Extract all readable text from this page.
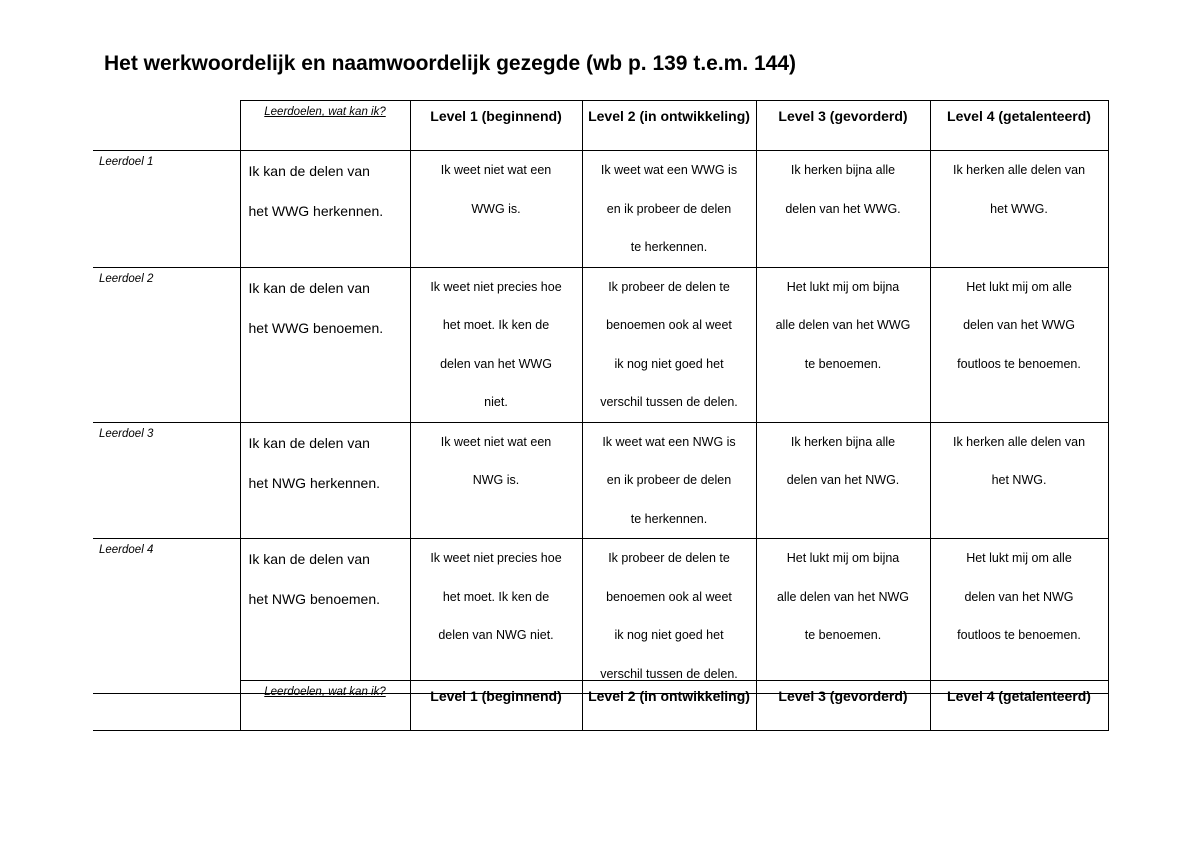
Het werkwoordelijk en naamwoordelijk gezegde (wb p. 139 t.e.m. 144)
	Leerdoelen, wat kan ik?	Level 1 (beginnend)	Level 2 (in ontwikkeling)	Level 3 (gevorderd)	Level 4 (getalenteerd)
Leerdoel 1	Ik kan de delen van
het WWG herkennen.	Ik weet niet wat een
WWG is.	Ik weet wat een WWG is
en ik probeer de delen
te herkennen.	Ik herken bijna alle
delen van het WWG.	Ik herken alle delen van
het WWG.

Leerdoel 2	Ik kan de delen van
het WWG benoemen.	Ik weet niet precies hoe
het moet. Ik ken de
delen van het WWG
niet.	Ik probeer de delen te
benoemen ook al weet
ik nog niet goed het
verschil tussen de delen.	Het lukt mij om bijna
alle delen van het WWG
te benoemen.	Het lukt mij om alle
delen van het WWG
foutloos te benoemen.

Leerdoel 3	Ik kan de delen van
het NWG herkennen.	Ik weet niet wat een
NWG is.	Ik weet wat een NWG is
en ik probeer de delen
te herkennen.	Ik herken bijna alle
delen van het NWG.	Ik herken alle delen van
het NWG.

Leerdoel 4	Ik kan de delen van
het NWG benoemen.	Ik weet niet precies hoe
het moet. Ik ken de
delen van NWG niet.	Ik probeer de delen te
benoemen ook al weet
ik nog niet goed het
verschil tussen de delen.	Het lukt mij om bijna
alle delen van het NWG
te benoemen.	Het lukt mij om alle
delen van het NWG
foutloos te benoemen.
	Leerdoelen, wat kan ik?	Level 1 (beginnend)	Level 2 (in ontwikkeling)	Level 3 (gevorderd)	Level 4 (getalenteerd)
